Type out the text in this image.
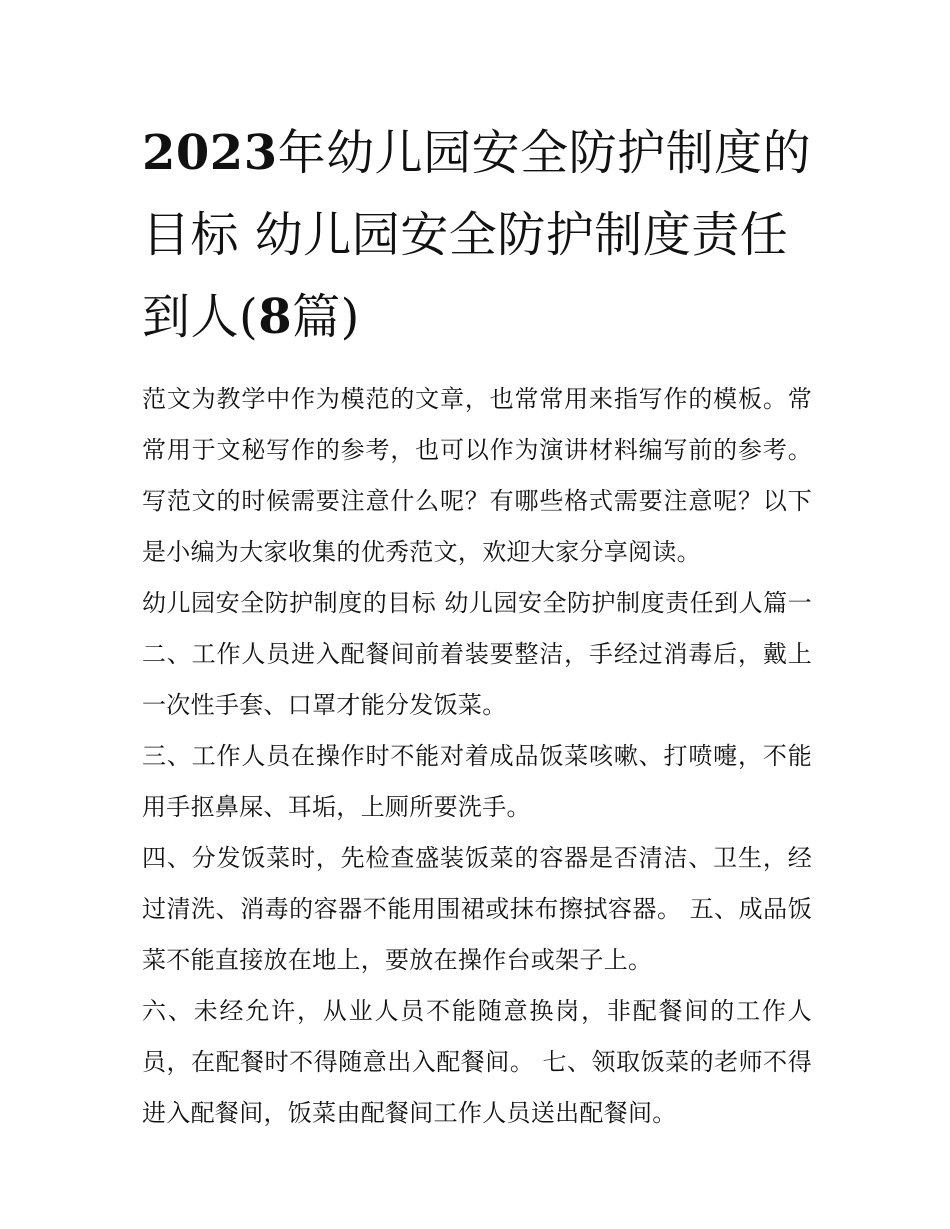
2023年幼儿园安全防护制度的目标 幼儿园安全防护制度责任到人(8篇)

范文为教学中作为模范的文章，也常常用来指写作的模板。常常用于文秘写作的参考，也可以作为演讲材料编写前的参考。写范文的时候需要注意什么呢？有哪些格式需要注意呢？以下是小编为大家收集的优秀范文，欢迎大家分享阅读。

幼儿园安全防护制度的目标 幼儿园安全防护制度责任到人篇一 二、工作人员进入配餐间前着装要整洁，手经过消毒后，戴上一次性手套、口罩才能分发饭菜。

三、工作人员在操作时不能对着成品饭菜咳嗽、打喷嚏，不能用手抠鼻屎、耳垢，上厕所要洗手。

四、分发饭菜时，先检查盛装饭菜的容器是否清洁、卫生，经过清洗、消毒的容器不能用围裙或抹布擦拭容器。 五、成品饭菜不能直接放在地上，要放在操作台或架子上。

六、未经允许，从业人员不能随意换岗，非配餐间的工作人员，在配餐时不得随意出入配餐间。 七、领取饭菜的老师不得进入配餐间，饭菜由配餐间工作人员送出配餐间。
